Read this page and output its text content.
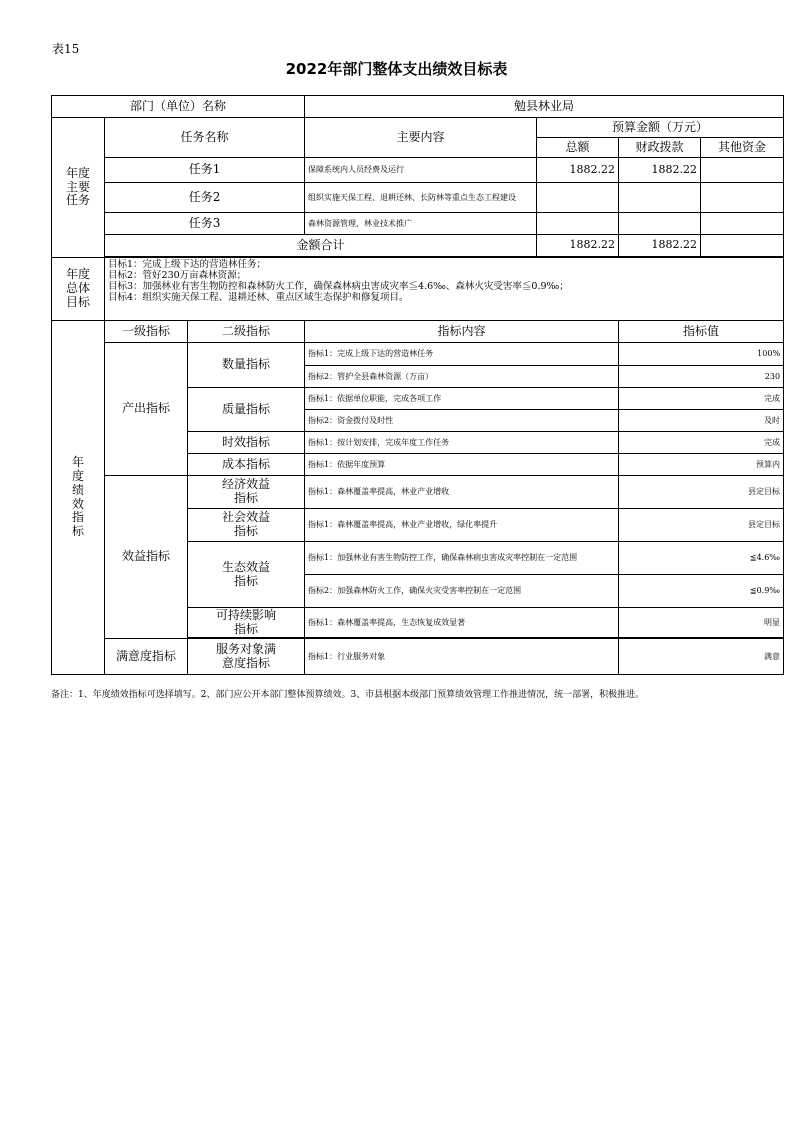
表15
2022年部门整体支出绩效目标表
部门（单位）名称			勉县林业局			
年度主要任务	任务名称		主要内容	预算金额（万元）		
				总额	财政拨款	其他资金
	任务1		保障系统内人员经费及运行	1882.22	1882.22	
	任务2		组织实施天保工程、退耕还林、长防林等重点生态工程建设			
	任务3		森林资源管理、林业技术推广			
	金额合计			1882.22	1882.22	

年度总体目标	目标1：完成上级下达的营造林任务；
目标2：管好230万亩森林资源；
目标3：加强林业有害生物防控和森林防火工作，确保森林病虫害成灾率≦4.6‰、森林火灾受害率≦0.9‰；
目标4：组织实施天保工程、退耕还林、重点区域生态保护和修复项目。					

年度绩效指标	一级指标	二级指标	指标内容		指标值	
	产出指标	数量指标	指标1：完成上级下达的营造林任务		100%	
			指标2：管护全县森林资源（万亩）		230	
		质量指标	指标1：依据单位职能，完成各项工作		完成	
			指标2：资金拨付及时性		及时	
		时效指标	指标1：按计划安排，完成年度工作任务		完成	
		成本指标	指标1：依据年度预算		预算内	
	效益指标	经济效益指标	指标1：森林覆盖率提高，林业产业增收		县定目标	
		社会效益指标	指标1：森林覆盖率提高，林业产业增收，绿化率提升		县定目标	
		生态效益指标	指标1：加强林业有害生物防控工作，确保森林病虫害成灾率控制在一定范围		≦4.6‰	
			指标2：加强森林防火工作，确保火灾受害率控制在一定范围		≦0.9‰	
		可持续影响指标	指标1：森林覆盖率提高，生态恢复成效显著		明显	

	满意度指标	服务对象满意度指标	指标1：行业服务对象		满意	
备注：1、年度绩效指标可选择填写。2、部门应公开本部门整体预算绩效。3、市县根据本级部门预算绩效管理工作推进情况，统一部署，积极推进。
